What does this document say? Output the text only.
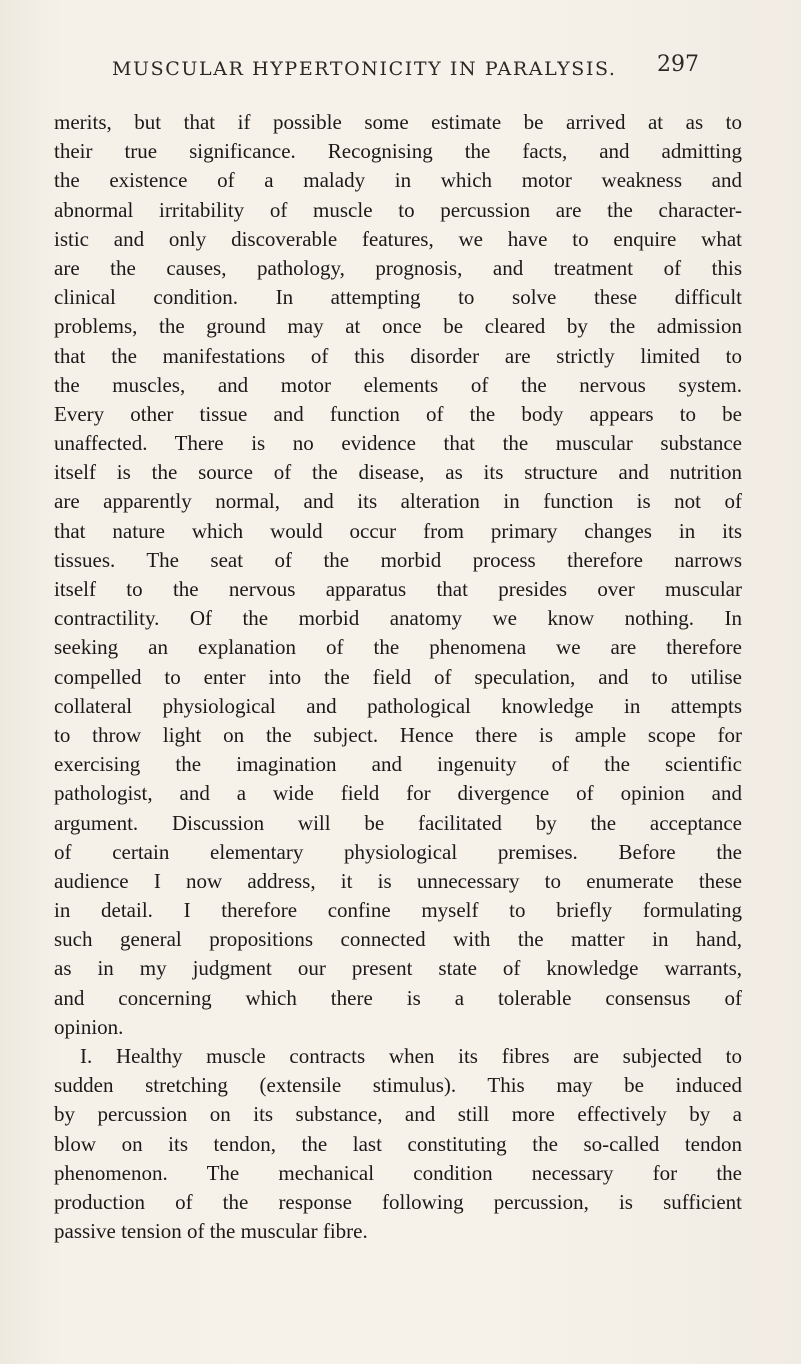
MUSCULAR HYPERTONICITY IN PARALYSIS. 297
merits, but that if possible some estimate be arrived at as to
their true significance. Recognising the facts, and admitting
the existence of a malady in which motor weakness and
abnormal irritability of muscle to percussion are the character-
istic and only discoverable features, we have to enquire what
are the causes, pathology, prognosis, and treatment of this
clinical condition. In attempting to solve these difficult
problems, the ground may at once be cleared by the admission
that the manifestations of this disorder are strictly limited to
the muscles, and motor elements of the nervous system.
Every other tissue and function of the body appears to be
unaffected. There is no evidence that the muscular substance
itself is the source of the disease, as its structure and nutrition
are apparently normal, and its alteration in function is not of
that nature which would occur from primary changes in its
tissues. The seat of the morbid process therefore narrows
itself to the nervous apparatus that presides over muscular
contractility. Of the morbid anatomy we know nothing. In
seeking an explanation of the phenomena we are therefore
compelled to enter into the field of speculation, and to utilise
collateral physiological and pathological knowledge in attempts
to throw light on the subject. Hence there is ample scope for
exercising the imagination and ingenuity of the scientific
pathologist, and a wide field for divergence of opinion and
argument. Discussion will be facilitated by the acceptance
of certain elementary physiological premises. Before the
audience I now address, it is unnecessary to enumerate these
in detail. I therefore confine myself to briefly formulating
such general propositions connected with the matter in hand,
as in my judgment our present state of knowledge warrants,
and concerning which there is a tolerable consensus of
opinion.
I. Healthy muscle contracts when its fibres are subjected to
sudden stretching (extensile stimulus). This may be induced
by percussion on its substance, and still more effectively by a
blow on its tendon, the last constituting the so-called tendon
phenomenon. The mechanical condition necessary for the
production of the response following percussion, is sufficient
passive tension of the muscular fibre.
